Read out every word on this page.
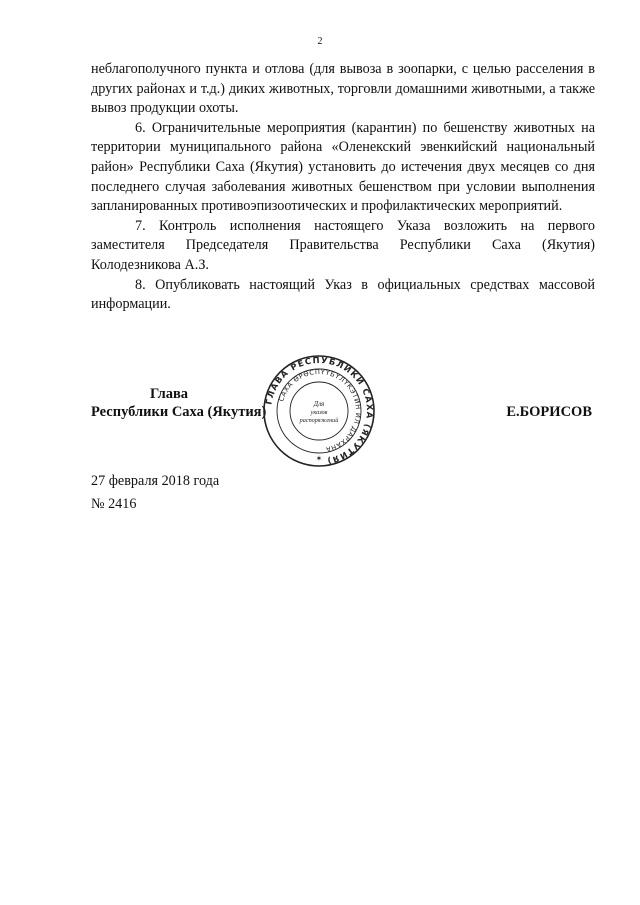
2

неблагополучного пункта и отлова (для вывоза в зоопарки, с целью расселения в других районах и т.д.) диких животных, торговли домашними животными, а также вывоз продукции охоты.

6. Ограничительные мероприятия (карантин) по бешенству животных на территории муниципального района «Оленекский эвенкийский национальный район» Республики Саха (Якутия) установить до истечения двух месяцев со дня последнего случая заболевания животных бешенством при условии выполнения запланированных противоэпизоотических и профилактических мероприятий.

7. Контроль исполнения настоящего Указа возложить на первого заместителя Председателя Правительства Республики Саха (Якутия) Колодезникова А.З.

8. Опубликовать настоящий Указ в официальных средствах массовой информации.

Глава
Республики Саха (Якутия)	Е.БОРИСОВ
ГЛАВА РЕСПУБЛИКИ САХА (ЯКУТИЯ)
САХА ӨРӨСПҮҮБҮЛҮКЭТИН ИЛ ДАРХАНА
Для
указов
распоряжений
✶
27 февраля 2018 года
№ 2416
